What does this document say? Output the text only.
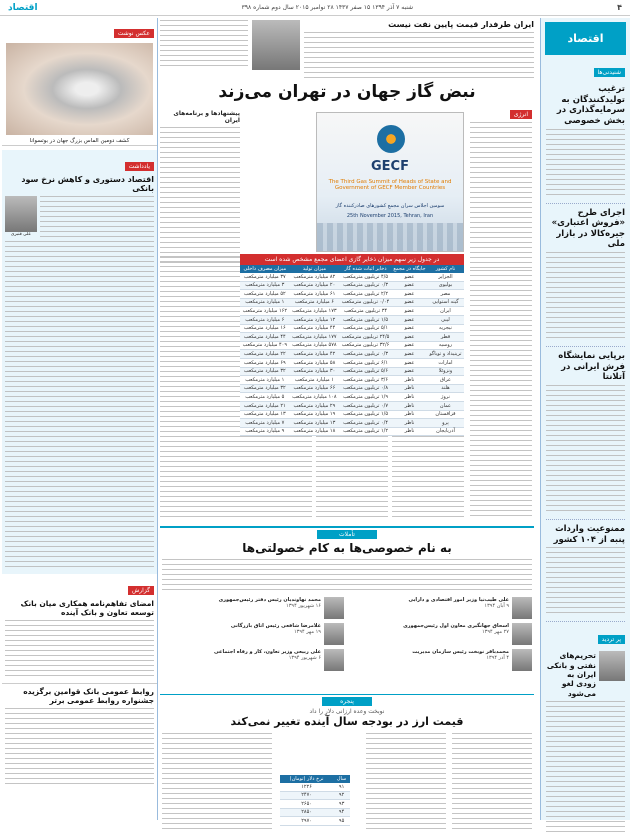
۴
شنبه ۷ آذر ۱۳۹۴ ۱۵ صفر ۱۴۳۷ ۲۸ نوامبر ۲۰۱۵ سال دوم شماره ۳۹۸
اقتصاد
اقتصاد
شنیدنی‌ها
ترغیب تولیدکنندگان به سرمایه‌گذاری در بخش خصوصی
اجرای طرح «فروش اعتباری» جیره‌کالا در بازار ملی
برپایی نمایشگاه فرش ایرانی در آتلانتا
ممنوعیت واردات پنبه از ۱۰۴ کشور
پر تردید
تحریم‌های نفتی و بانکی ایران به زودی لغو می‌شود
ایران طرفدار قیمت پایین نفت نیست
نبض گاز جهان در تهران می‌زند
انرژی
GECF
The Third Gas Summit of Heads of State and Government of GECF Member Countries
سومین اجلاس سران مجمع کشورهای صادرکننده گاز
25th November 2015, Tehran, Iran
پیشنهادها و برنامه‌های ایران
در جدول زیر سهم میزان ذخایر گازی اعضای مجمع مشخص شده است
نام کشور	جایگاه در مجمع	ذخایر اثبات شده گاز	میزان تولید	میزان مصرف داخلی
الجزایر	عضو	۴/۵ تریلیون مترمکعب	۸۲ میلیارد مترمکعب	۳۷ میلیارد مترمکعب
بولیوی	عضو	۰/۳ تریلیون مترمکعب	۲۰ میلیارد مترمکعب	۳ میلیارد مترمکعب
مصر	عضو	۲/۲ تریلیون مترمکعب	۶۱ میلیارد مترمکعب	۵۲ میلیارد مترمکعب
گینه استوایی	عضو	۰/۰۴ تریلیون مترمکعب	۶ میلیارد مترمکعب	۱ میلیارد مترمکعب
ایران	عضو	۳۴ تریلیون مترمکعب	۱۷۳ میلیارد مترمکعب	۱۶۲ میلیارد مترمکعب
لیبی	عضو	۱/۵ تریلیون مترمکعب	۱۲ میلیارد مترمکعب	۶ میلیارد مترمکعب
نیجریه	عضو	۵/۱ تریلیون مترمکعب	۴۴ میلیارد مترمکعب	۱۶ میلیارد مترمکعب
قطر	عضو	۲۴/۵ تریلیون مترمکعب	۱۷۷ میلیارد مترمکعب	۴۴ میلیارد مترمکعب
روسیه	عضو	۳۲/۶ تریلیون مترمکعب	۵۷۸ میلیارد مترمکعب	۴۰۹ میلیارد مترمکعب
ترینیداد و توباگو	عضو	۰/۳ تریلیون مترمکعب	۴۲ میلیارد مترمکعب	۲۲ میلیارد مترمکعب
امارات	عضو	۶/۱ تریلیون مترمکعب	۵۸ میلیارد مترمکعب	۶۹ میلیارد مترمکعب
ونزوئلا	عضو	۵/۶ تریلیون مترمکعب	۳۰ میلیارد مترمکعب	۳۲ میلیارد مترمکعب
عراق	ناظر	۳/۶ تریلیون مترمکعب	۱ میلیارد مترمکعب	۱ میلیارد مترمکعب
هلند	ناظر	۰/۸ تریلیون مترمکعب	۶۶ میلیارد مترمکعب	۳۲ میلیارد مترمکعب
نروژ	ناظر	۱/۹ تریلیون مترمکعب	۱۰۸ میلیارد مترمکعب	۵ میلیارد مترمکعب
عمان	ناظر	۰/۷ تریلیون مترمکعب	۲۹ میلیارد مترمکعب	۲۱ میلیارد مترمکعب
قزاقستان	ناظر	۱/۵ تریلیون مترمکعب	۱۹ میلیارد مترمکعب	۱۳ میلیارد مترمکعب
پرو	ناظر	۰/۴ تریلیون مترمکعب	۱۳ میلیارد مترمکعب	۷ میلیارد مترمکعب
آذربایجان	ناظر	۱/۲ تریلیون مترمکعب	۱۸ میلیارد مترمکعب	۹ میلیارد مترمکعب
تأملات
به نام خصوصی‌ها به کام خصولتی‌ها
علی طیب‌نیا وزیر امور اقتصادی و دارایی
۹ آبان ۱۳۹۴
محمد نهاوندیان رئیس دفتر رئیس‌جمهوری
۱۶ شهریور ۱۳۹۴
اسحاق جهانگیری معاون اول رئیس‌جمهوری
۲۷ مهر ۱۳۹۴
غلامرضا شافعی رئیس اتاق بازرگانی
۱۹ مهر ۱۳۹۴
محمدباقر نوبخت رئیس سازمان مدیریت
۴ آذر ۱۳۹۴
علی ربیعی وزیر تعاون، کار و رفاه اجتماعی
۶ شهریور ۱۳۹۴
پنجره
نوبخت وعده ارزانی دلار را داد
قیمت ارز در بودجه سال آینده تغییر نمی‌کند
سال	نرخ دلار (تومان)
۹۱	۱۲۲۶
۹۲	۲۴۷۰
۹۳	۲۶۵۰
۹۴	۲۸۵۰
۹۵	۲۹۷۰
عکس نوشت
کشف دومین الماس بزرگ جهان در بوتسوانا
یادداشت
اقتصاد دستوری و کاهش نرخ سود بانکی
علی قنبری
گزارش
امضای تفاهم‌نامه همکاری میان بانک توسعه تعاون و بانک آینده
روابط عمومی بانک قوامین برگزیده جشنواره روابط عمومی برتر
